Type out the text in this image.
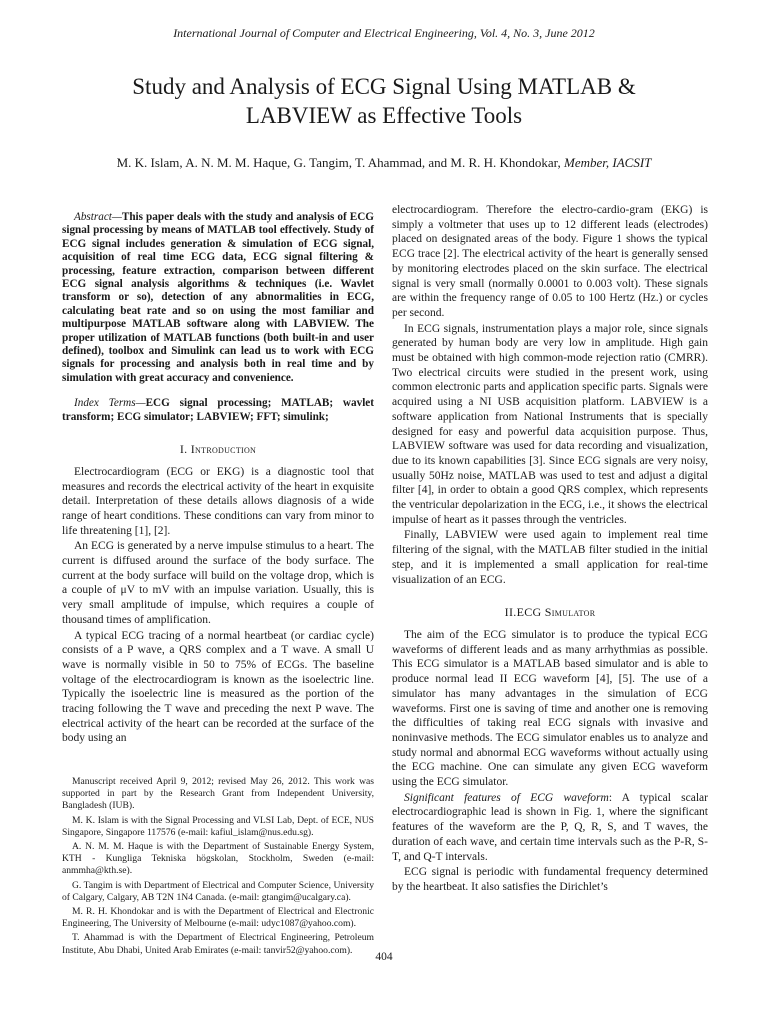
International Journal of Computer and Electrical Engineering, Vol. 4, No. 3, June 2012
Study and Analysis of ECG Signal Using MATLAB &
LABVIEW as Effective Tools
M. K. Islam, A. N. M. M. Haque, G. Tangim, T. Ahammad, and M. R. H. Khondokar, Member, IACSIT

Abstract—This paper deals with the study and analysis of ECG signal processing by means of MATLAB tool effectively. Study of ECG signal includes generation & simulation of ECG signal, acquisition of real time ECG data, ECG signal filtering & processing, feature extraction, comparison between different ECG signal analysis algorithms & techniques (i.e. Wavlet transform or so), detection of any abnormalities in ECG, calculating beat rate and so on using the most familiar and multipurpose MATLAB software along with LABVIEW. The proper utilization of MATLAB functions (both built-in and user defined), toolbox and Simulink can lead us to work with ECG signals for processing and analysis both in real time and by simulation with great accuracy and convenience.

Index Terms—ECG signal processing; MATLAB; wavlet transform; ECG simulator; LABVIEW; FFT; simulink;

I. Introduction

Electrocardiogram (ECG or EKG) is a diagnostic tool that measures and records the electrical activity of the heart in exquisite detail. Interpretation of these details allows diagnosis of a wide range of heart conditions. These conditions can vary from minor to life threatening [1], [2].

An ECG is generated by a nerve impulse stimulus to a heart. The current is diffused around the surface of the body surface. The current at the body surface will build on the voltage drop, which is a couple of μV to mV with an impulse variation. Usually, this is very small amplitude of impulse, which requires a couple of thousand times of amplification.

A typical ECG tracing of a normal heartbeat (or cardiac cycle) consists of a P wave, a QRS complex and a T wave. A small U wave is normally visible in 50 to 75% of ECGs. The baseline voltage of the electrocardiogram is known as the isoelectric line. Typically the isoelectric line is measured as the portion of the tracing following the T wave and preceding the next P wave. The electrical activity of the heart can be recorded at the surface of the body using an

Manuscript received April 9, 2012; revised May 26, 2012. This work was supported in part by the Research Grant from Independent University, Bangladesh (IUB).

M. K. Islam is with the Signal Processing and VLSI Lab, Dept. of ECE, NUS Singapore, Singapore 117576 (e-mail: kafiul_islam@nus.edu.sg).

A. N. M. M. Haque is with the Department of Sustainable Energy System, KTH - Kungliga Tekniska högskolan, Stockholm, Sweden (e-mail: anmmha@kth.se).

G. Tangim is with Department of Electrical and Computer Science, University of Calgary, Calgary, AB T2N 1N4 Canada. (e-mail: gtangim@ucalgary.ca).

M. R. H. Khondokar and is with the Department of Electrical and Electronic Engineering, The University of Melbourne (e-mail: udyc1087@yahoo.com).

T. Ahammad is with the Department of Electrical Engineering, Petroleum Institute, Abu Dhabi, United Arab Emirates (e-mail: tanvir52@yahoo.com).

electrocardiogram. Therefore the electro-cardio-gram (EKG) is simply a voltmeter that uses up to 12 different leads (electrodes) placed on designated areas of the body. Figure 1 shows the typical ECG trace [2]. The electrical activity of the heart is generally sensed by monitoring electrodes placed on the skin surface. The electrical signal is very small (normally 0.0001 to 0.003 volt). These signals are within the frequency range of 0.05 to 100 Hertz (Hz.) or cycles per second.

In ECG signals, instrumentation plays a major role, since signals generated by human body are very low in amplitude. High gain must be obtained with high common-mode rejection ratio (CMRR). Two electrical circuits were studied in the present work, using common electronic parts and application specific parts. Signals were acquired using a NI USB acquisition platform. LABVIEW is a software application from National Instruments that is specially designed for easy and powerful data acquisition purpose. Thus, LABVIEW software was used for data recording and visualization, due to its known capabilities [3]. Since ECG signals are very noisy, usually 50Hz noise, MATLAB was used to test and adjust a digital filter [4], in order to obtain a good QRS complex, which represents the ventricular depolarization in the ECG, i.e., it shows the electrical impulse of heart as it passes through the ventricles.

Finally, LABVIEW were used again to implement real time filtering of the signal, with the MATLAB filter studied in the initial step, and it is implemented a small application for real-time visualization of an ECG.

II.ECG Simulator

The aim of the ECG simulator is to produce the typical ECG waveforms of different leads and as many arrhythmias as possible. This ECG simulator is a MATLAB based simulator and is able to produce normal lead II ECG waveform [4], [5]. The use of a simulator has many advantages in the simulation of ECG waveforms. First one is saving of time and another one is removing the difficulties of taking real ECG signals with invasive and noninvasive methods. The ECG simulator enables us to analyze and study normal and abnormal ECG waveforms without actually using the ECG machine. One can simulate any given ECG waveform using the ECG simulator.

Significant features of ECG waveform: A typical scalar electrocardiographic lead is shown in Fig. 1, where the significant features of the waveform are the P, Q, R, S, and T waves, the duration of each wave, and certain time intervals such as the P-R, S-T, and Q-T intervals.

ECG signal is periodic with fundamental frequency determined by the heartbeat. It also satisfies the Dirichlet’s

404
